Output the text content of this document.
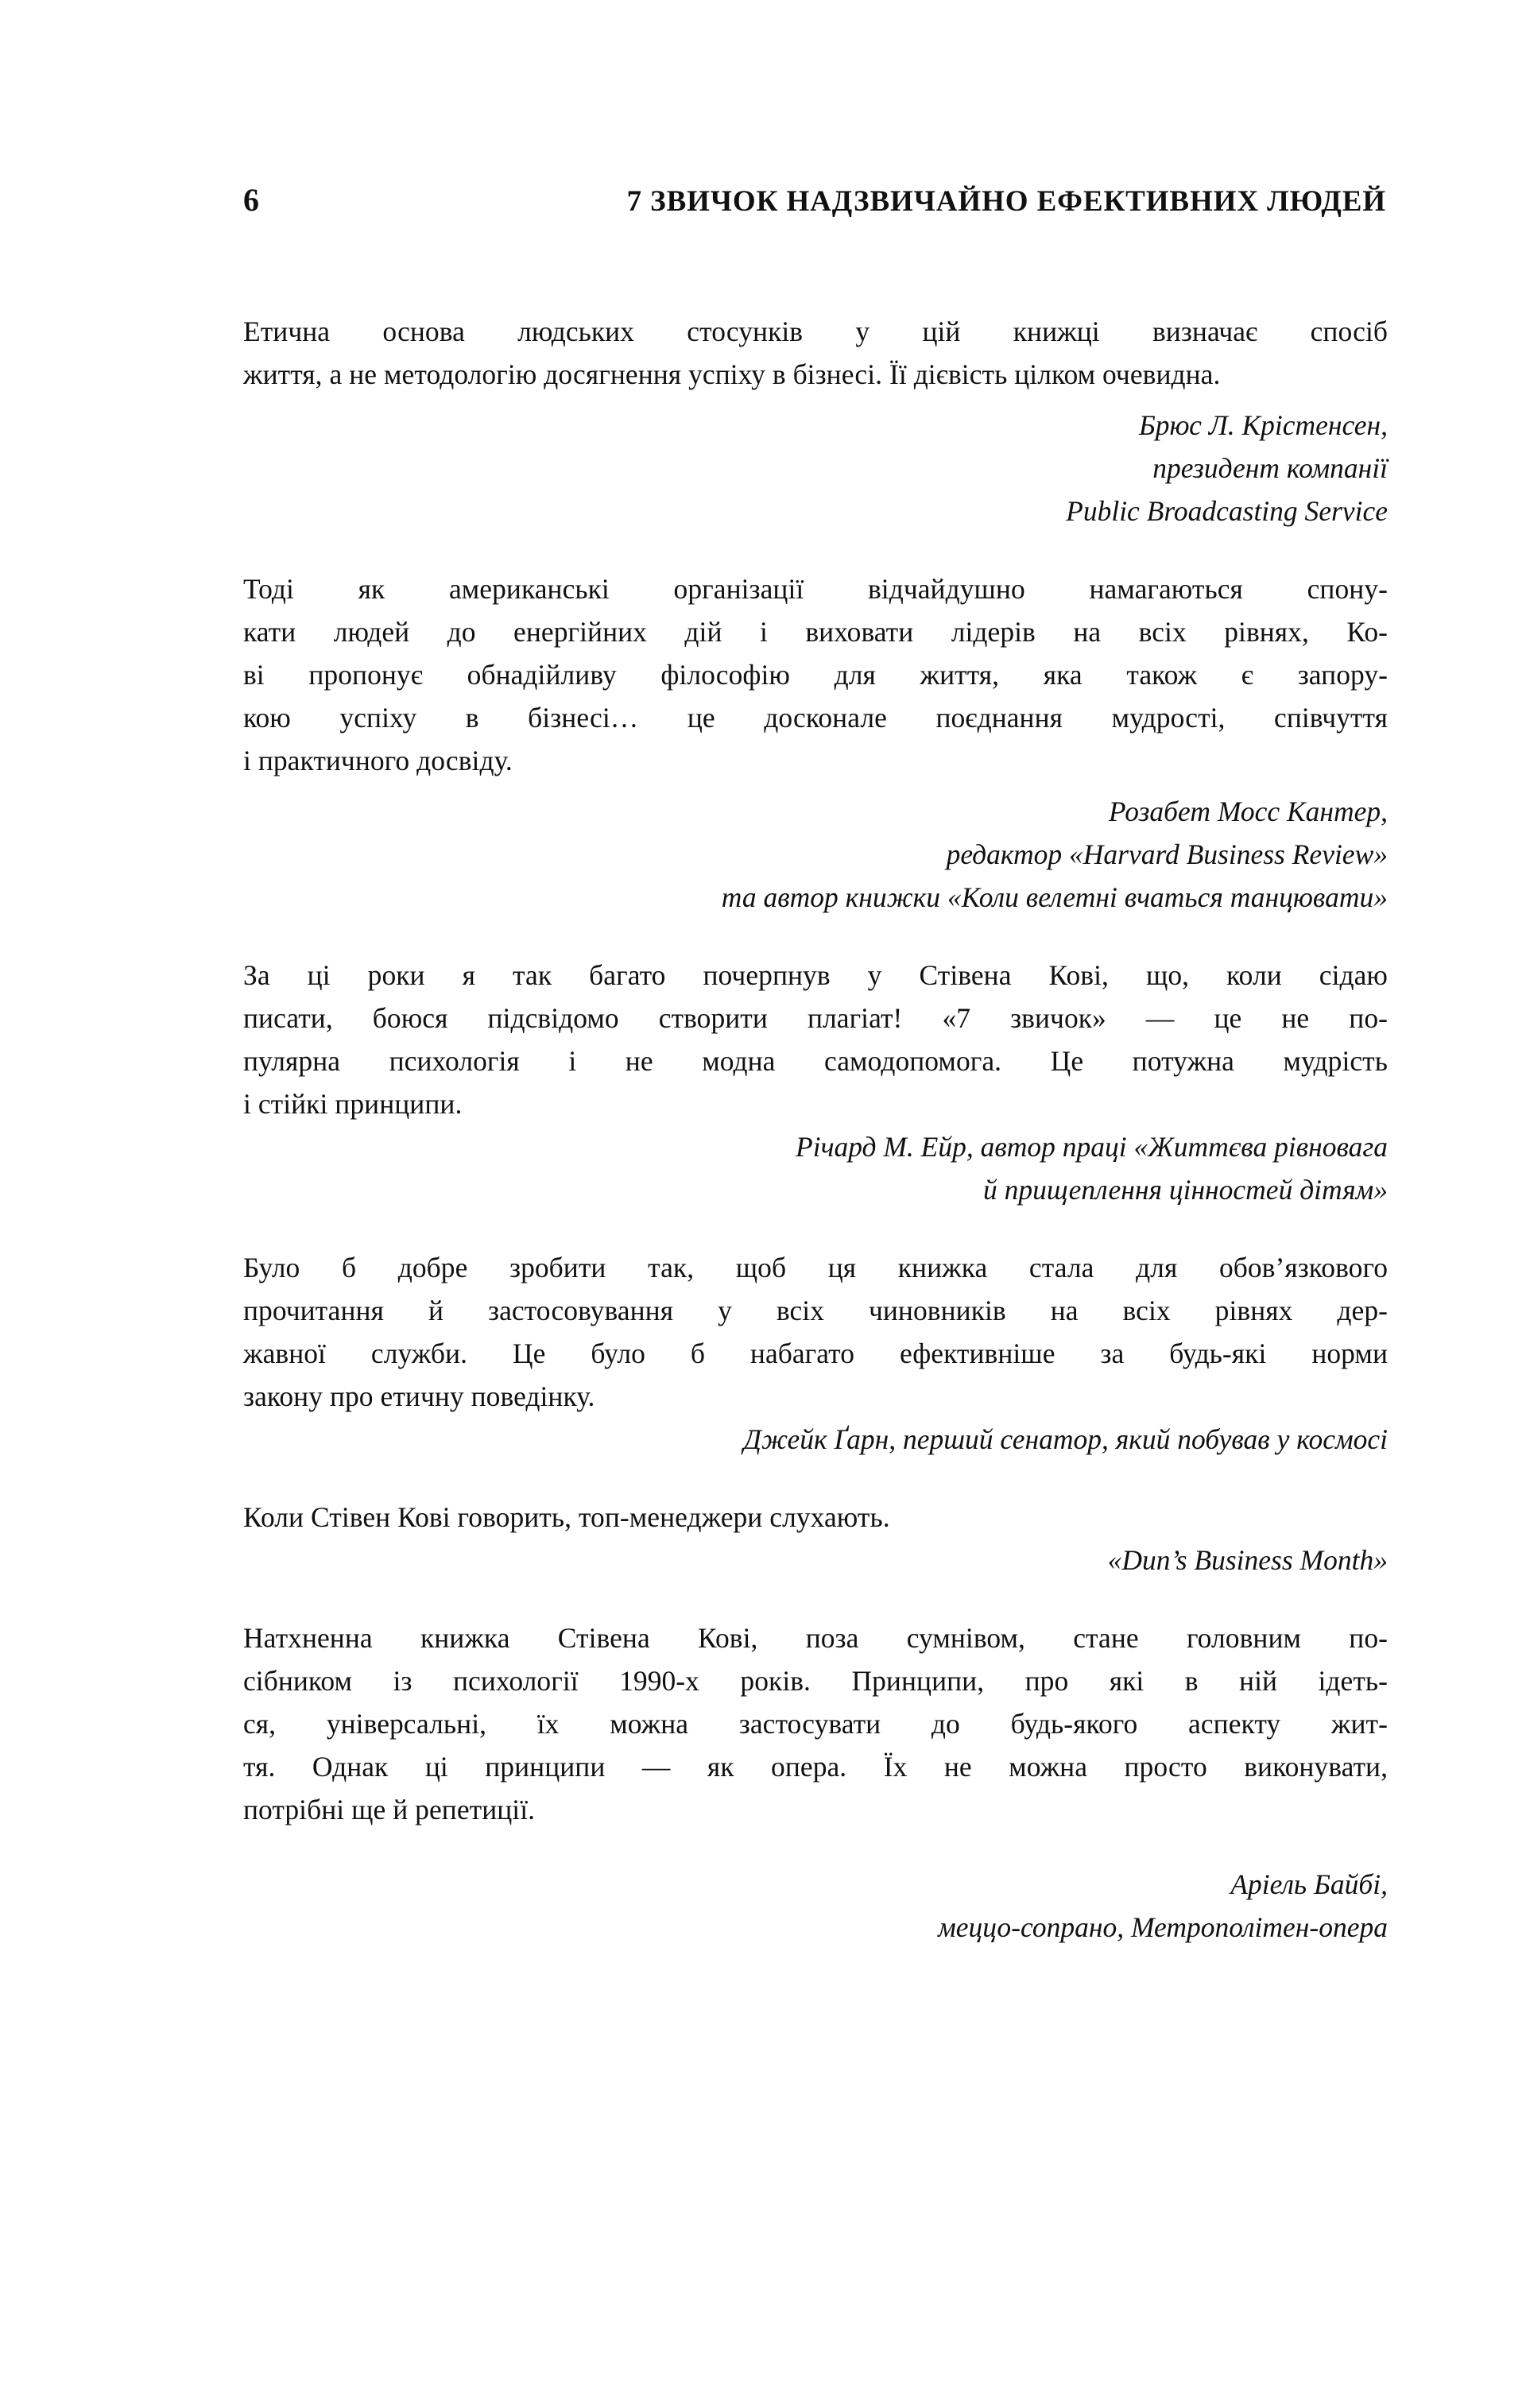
6	7 ЗВИЧОК НАДЗВИЧАЙНО ЕФЕКТИВНИХ ЛЮДЕЙ

Етична основа людських стосунків у цій книжці визначає спосіб
життя, а не методологію досягнення успіху в бізнесі. Її дієвість цілком очевидна.

Брюс Л. Крістенсен,
президент компанії
Public Broadcasting Service

Тоді як американські організації відчайдушно намагаються спону-
кати людей до енергійних дій і виховати лідерів на всіх рівнях, Ко-
ві пропонує обнадійливу філософію для життя, яка також є запору-
кою успіху в бізнесі… це досконале поєднання мудрості, співчуття
і практичного досвіду.

Розабет Мосс Кантер,
редактор «Harvard Business Review»
та автор книжки «Коли велетні вчаться танцювати»

За ці роки я так багато почерпнув у Стівена Кові, що, коли сідаю
писати, боюся підсвідомо створити плагіат! «7 звичок» — це не по-
пулярна психологія і не модна самодопомога. Це потужна мудрість
і стійкі принципи.

Річард М. Ейр, автор праці «Життєва рівновага
й прищеплення цінностей дітям»

Було б добре зробити так, щоб ця книжка стала для обов’язкового
прочитання й застосовування у всіх чиновників на всіх рівнях дер-
жавної служби. Це було б набагато ефективніше за будь-які норми
закону про етичну поведінку.

Джейк Ґарн, перший сенатор, який побував у космосі

Коли Стівен Кові говорить, топ-менеджери слухають.

«Dun’s Business Month»

Натхненна книжка Стівена Кові, поза сумнівом, стане головним по-
сібником із психології 1990-х років. Принципи, про які в ній ідеть-
ся, універсальні, їх можна застосувати до будь-якого аспекту жит-
тя. Однак ці принципи — як опера. Їх не можна просто виконувати,
потрібні ще й репетиції.

Аріель Байбі,
меццо-сопрано, Метрополітен-опера
